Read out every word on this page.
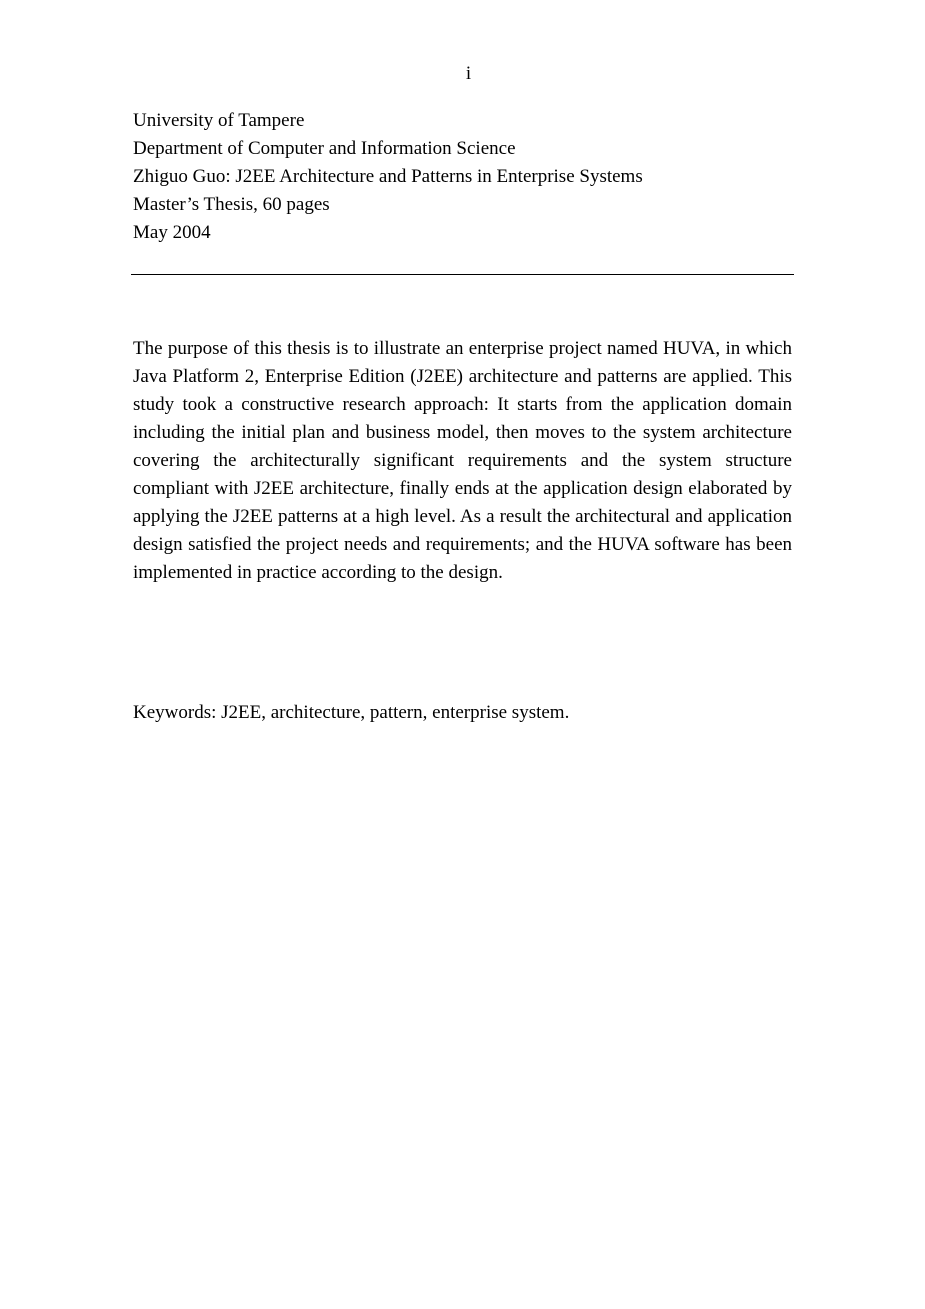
i
University of Tampere
Department of Computer and Information Science
Zhiguo Guo: J2EE Architecture and Patterns in Enterprise Systems
Master’s Thesis, 60 pages
May 2004

The purpose of this thesis is to illustrate an enterprise project named HUVA, in which Java Platform 2, Enterprise Edition (J2EE) architecture and patterns are applied. This study took a constructive research approach: It starts from the application domain including the initial plan and business model, then moves to the system architecture covering the architecturally significant requirements and the system structure compliant with J2EE architecture, finally ends at the application design elaborated by applying the J2EE patterns at a high level. As a result the architectural and application design satisfied the project needs and requirements; and the HUVA software has been implemented in practice according to the design.

Keywords: J2EE, architecture, pattern, enterprise system.
